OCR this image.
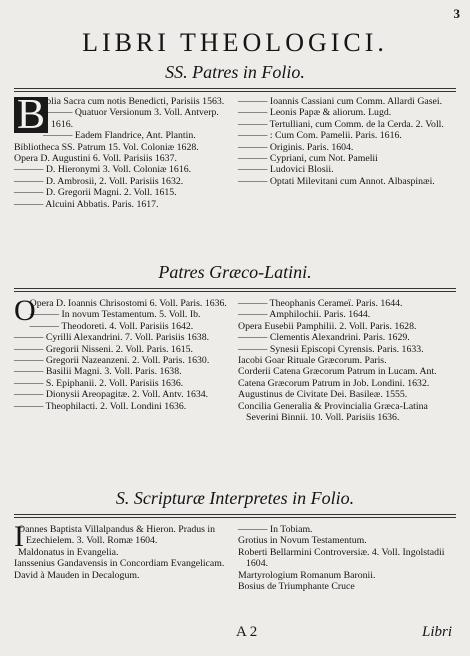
3
LIBRI THEOLOGICI.
SS. Patres in Folio.

B
Iblia Sacra cum notis Benedicti, Parisiis 1563.

——— Quatuor Versionum 3. Voll. Antverp. 1616.

——— Eadem Flandrice, Ant. Plantin.

Bibliotheca SS. Patrum 15. Vol. Coloniæ 1628.

Opera D. Augustini 6. Voll. Parisiis 1637.

——— D. Hieronymi 3. Voll. Coloniæ 1616.

——— D. Ambrosii, 2. Voll. Parisiis 1632.

——— D. Gregorii Magni. 2. Voll. 1615.

——— Alcuini Abbatis. Paris. 1617.

——— Ioannis Cassiani cum Comm. Allardi Gasei.

——— Leonis Papæ & aliorum. Lugd.

——— Tertulliani, cum Comm. de la Cerda. 2. Voll.

——— : Cum Com. Pamelii. Paris. 1616.

——— Originis. Paris. 1604.

——— Cypriani, cum Not. Pamelii

——— Ludovici Blosii.

——— Optati Milevitani cum Annot. Albaspinæi.

Patres Græco-Latini.

O
Opera D. Ioannis Chrisostomi 6. Voll. Paris. 1636.

——— In novum Testamentum. 5. Voll. Ib.

——— Theodoreti. 4. Voll. Parisiis 1642.

——— Cyrilli Alexandrini. 7. Voll. Parisiis 1638.

——— Gregorii Nisseni. 2. Voll. Paris. 1615.

——— Gregorii Nazeanzeni. 2. Voll. Paris. 1630.

——— Basilii Magni. 3. Voll. Paris. 1638.

——— S. Epiphanii. 2. Voll. Parisiis 1636.

——— Dionysii Areopagitæ. 2. Voll. Antv. 1634.

——— Theophilacti. 2. Voll. Londini 1636.

——— Theophanis Cerameï. Paris. 1644.

——— Amphilochii. Paris. 1644.

Opera Eusebii Pamphilii. 2. Voll. Paris. 1628.

——— Clementis Alexandrini. Paris. 1629.

——— Synesii Episcopi Cyrensis. Paris. 1633.

Iacobi Goar Rituale Græcorum. Paris.

Corderii Catena Græcorum Patrum in Lucam. Ant.

Catena Græcorum Patrum in Job. Londini. 1632.

Augustinus de Civitate Dei. Basileæ. 1555.

Concilia Generalia & Provincialia Græca-Latina Severini Binnii. 10. Voll. Parisiis 1636.

S. Scripturæ Interpretes in Folio.

I
Oannes Baptista Villalpandus & Hieron. Pradus in Ezechielem. 3. Voll. Romæ 1604.

Maldonatus in Evangelia.

Ianssenius Gandavensis in Concordiam Evangelicam.

David à Mauden in Decalogum.

——— In Tobiam.

Grotius in Novum Testamentum.

Roberti Bellarmini Controversiæ. 4. Voll. Ingolstadii 1604.

Martyrologium Romanum Baronii.

Bosius de Triumphante Cruce

A 2	Libri
